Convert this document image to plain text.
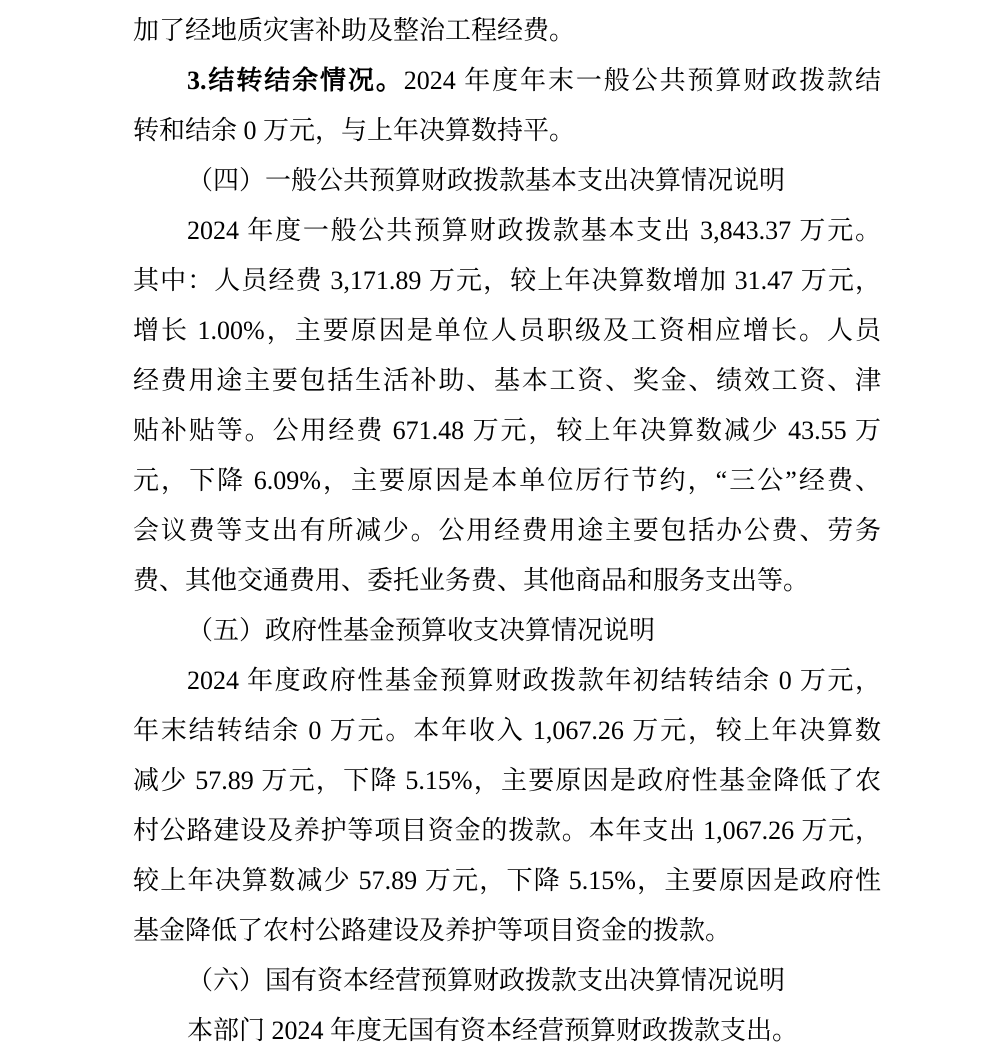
加了经地质灾害补助及整治工程经费。
3.结转结余情况。2024 年度年末一般公共预算财政拨款结
转和结余 0 万元，与上年决算数持平。
（四）一般公共预算财政拨款基本支出决算情况说明
2024 年度一般公共预算财政拨款基本支出 3,843.37 万元。
其中：人员经费 3,171.89 万元，较上年决算数增加 31.47 万元，
增长 1.00%，主要原因是单位人员职级及工资相应增长。人员
经费用途主要包括生活补助、基本工资、奖金、绩效工资、津
贴补贴等。公用经费 671.48 万元，较上年决算数减少 43.55 万
元，下降 6.09%，主要原因是本单位厉行节约，“三公”经费、
会议费等支出有所减少。公用经费用途主要包括办公费、劳务
费、其他交通费用、委托业务费、其他商品和服务支出等。
（五）政府性基金预算收支决算情况说明
2024 年度政府性基金预算财政拨款年初结转结余 0 万元，
年末结转结余 0 万元。本年收入 1,067.26 万元，较上年决算数
减少 57.89 万元，下降 5.15%，主要原因是政府性基金降低了农
村公路建设及养护等项目资金的拨款。本年支出 1,067.26 万元，
较上年决算数减少 57.89 万元，下降 5.15%，主要原因是政府性
基金降低了农村公路建设及养护等项目资金的拨款。
（六）国有资本经营预算财政拨款支出决算情况说明
本部门 2024 年度无国有资本经营预算财政拨款支出。
